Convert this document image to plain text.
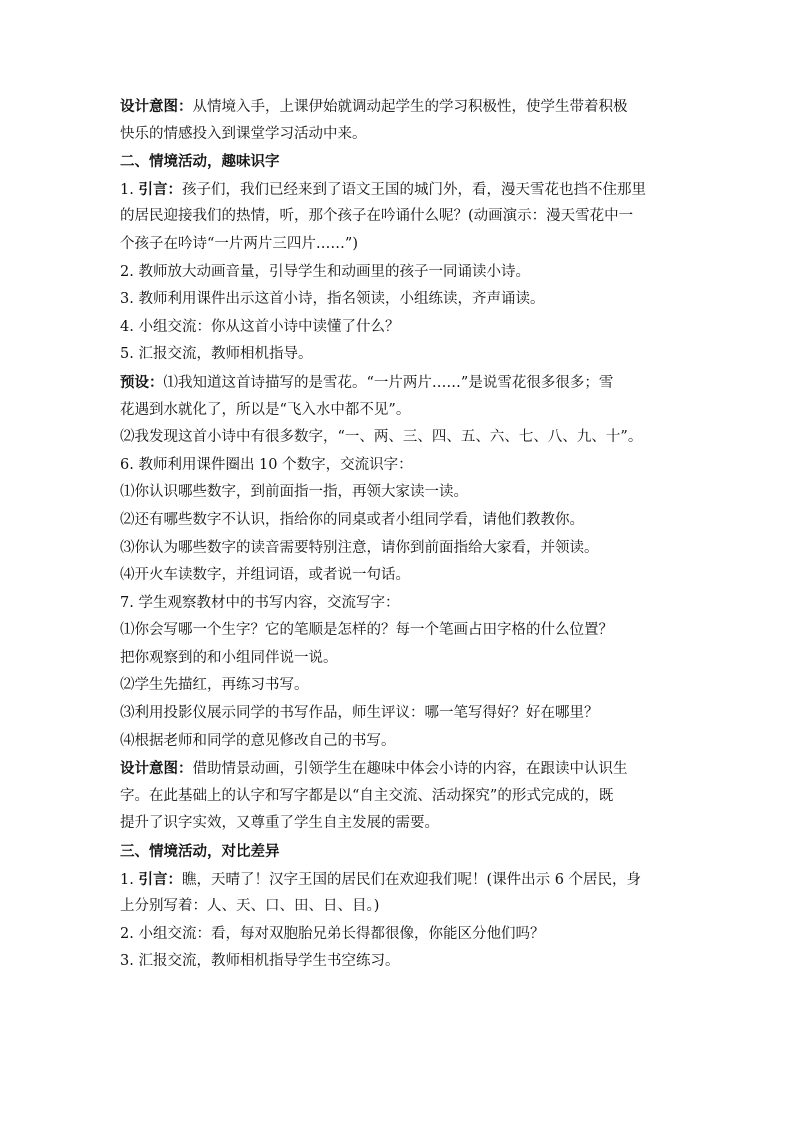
设计意图：从情境入手，上课伊始就调动起学生的学习积极性，使学生带着积极
快乐的情感投入到课堂学习活动中来。
二、情境活动，趣味识字
1. 引言：孩子们，我们已经来到了语文王国的城门外，看，漫天雪花也挡不住那里
的居民迎接我们的热情，听，那个孩子在吟诵什么呢？(动画演示：漫天雪花中一
个孩子在吟诗“一片两片三四片……”)
2. 教师放大动画音量，引导学生和动画里的孩子一同诵读小诗。
3. 教师利用课件出示这首小诗，指名领读，小组练读，齐声诵读。
4. 小组交流：你从这首小诗中读懂了什么？
5. 汇报交流，教师相机指导。
预设：⑴我知道这首诗描写的是雪花。“一片两片……”是说雪花很多很多；雪
花遇到水就化了，所以是“飞入水中都不见”。
⑵我发现这首小诗中有很多数字，“一、两、三、四、五、六、七、八、九、十”。
6. 教师利用课件圈出 10 个数字，交流识字：
⑴你认识哪些数字，到前面指一指，再领大家读一读。
⑵还有哪些数字不认识，指给你的同桌或者小组同学看，请他们教教你。
⑶你认为哪些数字的读音需要特别注意，请你到前面指给大家看，并领读。
⑷开火车读数字，并组词语，或者说一句话。
7. 学生观察教材中的书写内容，交流写字：
⑴你会写哪一个生字？它的笔顺是怎样的？每一个笔画占田字格的什么位置？
把你观察到的和小组同伴说一说。
⑵学生先描红，再练习书写。
⑶利用投影仪展示同学的书写作品，师生评议：哪一笔写得好？好在哪里？
⑷根据老师和同学的意见修改自己的书写。
设计意图：借助情景动画，引领学生在趣味中体会小诗的内容，在跟读中认识生
字。在此基础上的认字和写字都是以“自主交流、活动探究”的形式完成的，既
提升了识字实效，又尊重了学生自主发展的需要。
三、情境活动，对比差异
1. 引言：瞧，天晴了！汉字王国的居民们在欢迎我们呢！(课件出示 6 个居民，身
上分别写着：人、天、口、田、日、目。)
2. 小组交流：看，每对双胞胎兄弟长得都很像，你能区分他们吗？
3. 汇报交流，教师相机指导学生书空练习。
